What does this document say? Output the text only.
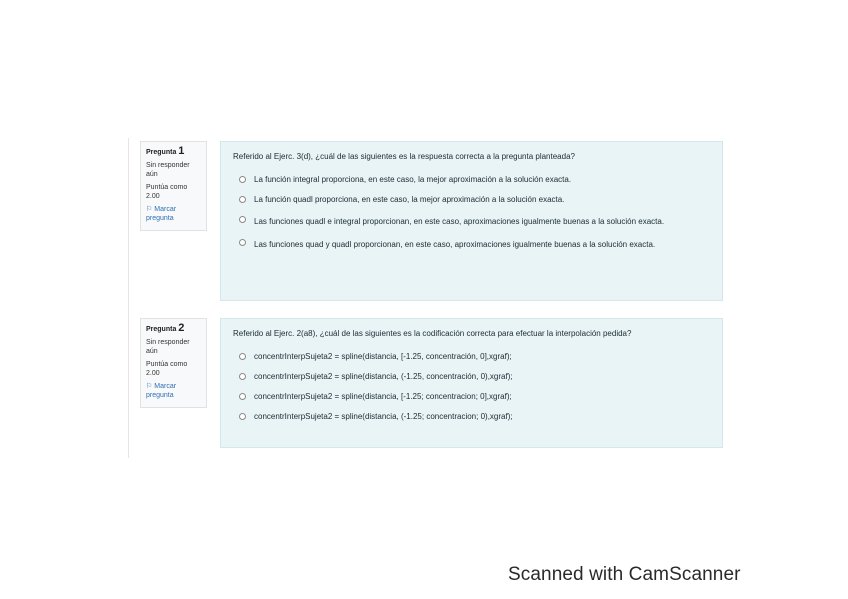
Pregunta 1
Sin responder aún
Puntúa como 2.00
⚐ Marcar pregunta
Referido al Ejerc. 3(d), ¿cuál de las siguientes es la respuesta correcta a la pregunta planteada?
La función integral proporciona, en este caso, la mejor aproximación a la solución exacta.
La función quadl proporciona, en este caso, la mejor aproximación a la solución exacta.
Las funciones quadl e integral proporcionan, en este caso, aproximaciones igualmente buenas a la solución exacta.
Las funciones quad y quadl proporcionan, en este caso, aproximaciones igualmente buenas a la solución exacta.
Pregunta 2
Sin responder aún
Puntúa como 2.00
⚐ Marcar pregunta
Referido al Ejerc. 2(a8), ¿cuál de las siguientes es la codificación correcta para efectuar la interpolación pedida?
concentrInterpSujeta2 = spline(distancia, [-1.25, concentración, 0],xgraf);
concentrInterpSujeta2 = spline(distancia, (-1.25, concentración, 0),xgraf);
concentrInterpSujeta2 = spline(distancia, [-1.25; concentracion; 0],xgraf);
concentrInterpSujeta2 = spline(distancia, (-1.25; concentracion; 0),xgraf);
Scanned with CamScanner
